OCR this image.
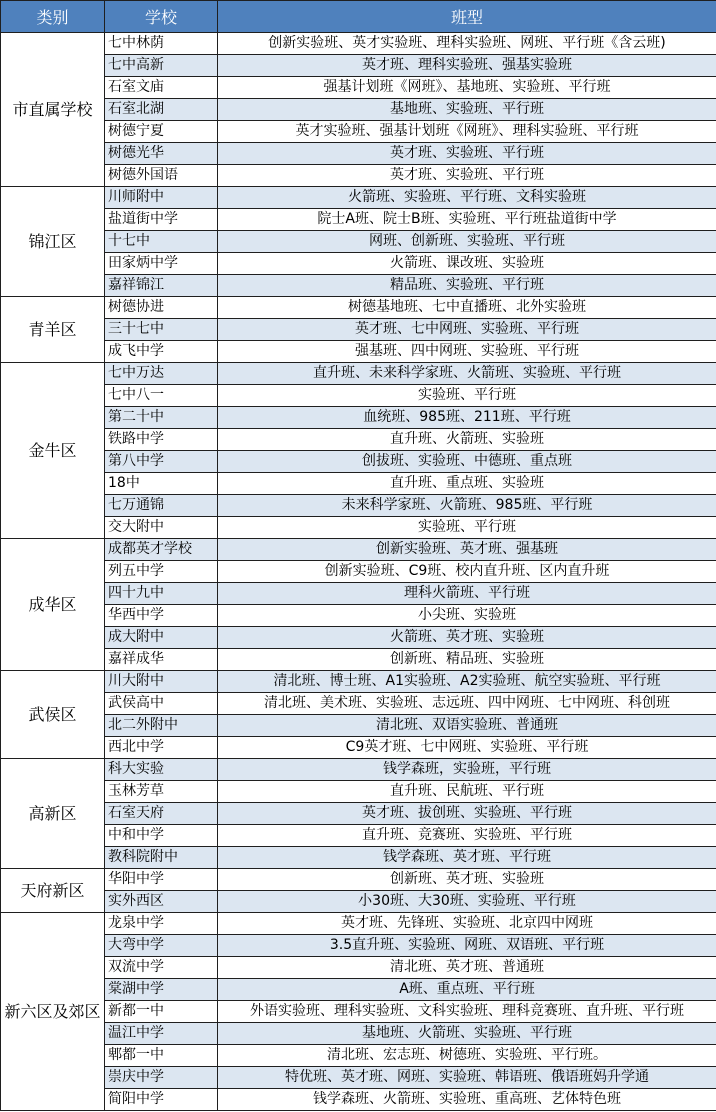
类别	学校	班型
市直属学校	七中林荫	创新实验班、英才实验班、理科实验班、网班、平行班《含云班)
	七中高新	英才班、理科实验班、强基实验班
	石室文庙	强基计划班《网班》、基地班、实验班、平行班
	石室北湖	基地班、实验班、平行班
	树德宁夏	英才实验班、强基计划班《网班》、理科实验班、平行班
	树德光华	英才班、实验班、平行班
	树德外国语	英才班、实验班、平行班
锦江区	川师附中	火箭班、实验班、平行班、文科实验班
	盐道街中学	院士A班、院士B班、实验班、平行班盐道街中学
	十七中	网班、创新班、实验班、平行班
	田家炳中学	火箭班、课改班、实验班
	嘉祥锦江	精品班、实验班、平行班
青羊区	树德协进	树德基地班、七中直播班、北外实验班
	三十七中	英才班、七中网班、实验班、平行班
	成飞中学	强基班、四中网班、实验班、平行班
金牛区	七中万达	直升班、未来科学家班、火箭班、实验班、平行班
	七中八一	实验班、平行班
	第二十中	血统班、985班、211班、平行班
	铁路中学	直升班、火箭班、实验班
	第八中学	创拔班、实验班、中德班、重点班
	18中	直升班、重点班、实验班
	七万通锦	未来科学家班、火箭班、985班、平行班
	交大附中	实验班、平行班
成华区	成都英才学校	创新实验班、英才班、强基班
	列五中学	创新实验班、C9班、校内直升班、区内直升班
	四十九中	理科火箭班、平行班
	华西中学	小尖班、实验班
	成大附中	火箭班、英才班、实验班
	嘉祥成华	创新班、精品班、实验班
武侯区	川大附中	清北班、博士班、A1实验班、A2实验班、航空实验班、平行班
	武侯高中	清北班、美术班、实验班、志远班、四中网班、七中网班、科创班
	北二外附中	清北班、双语实验班、普通班
	西北中学	C9英才班、七中网班、实验班、平行班
高新区	科大实验	钱学森班，实验班，平行班
	玉林芳草	直升班、民航班、平行班
	石室天府	英才班、拔创班、实验班、平行班
	中和中学	直升班、竞赛班、实验班、平行班
	教科院附中	钱学森班、英才班、平行班
天府新区	华阳中学	创新班、英才班、实验班
	实外西区	小30班、大30班、实验班、平行班
新六区及郊区	龙泉中学	英才班、先锋班、实验班、北京四中网班
	大弯中学	3.5直升班、实验班、网班、双语班、平行班
	双流中学	清北班、英才班、普通班
	棠湖中学	A班、重点班、平行班
	新都一中	外语实验班、理科实验班、文科实验班、理科竞赛班、直升班、平行班
	温江中学	基地班、火箭班、实验班、平行班
	郫都一中	清北班、宏志班、树德班、实验班、平行班。
	崇庆中学	特优班、英才班、网班、实验班、韩语班、俄语班妈升学通
	简阳中学	钱学森班、火箭班、实验班、重高班、艺体特色班
